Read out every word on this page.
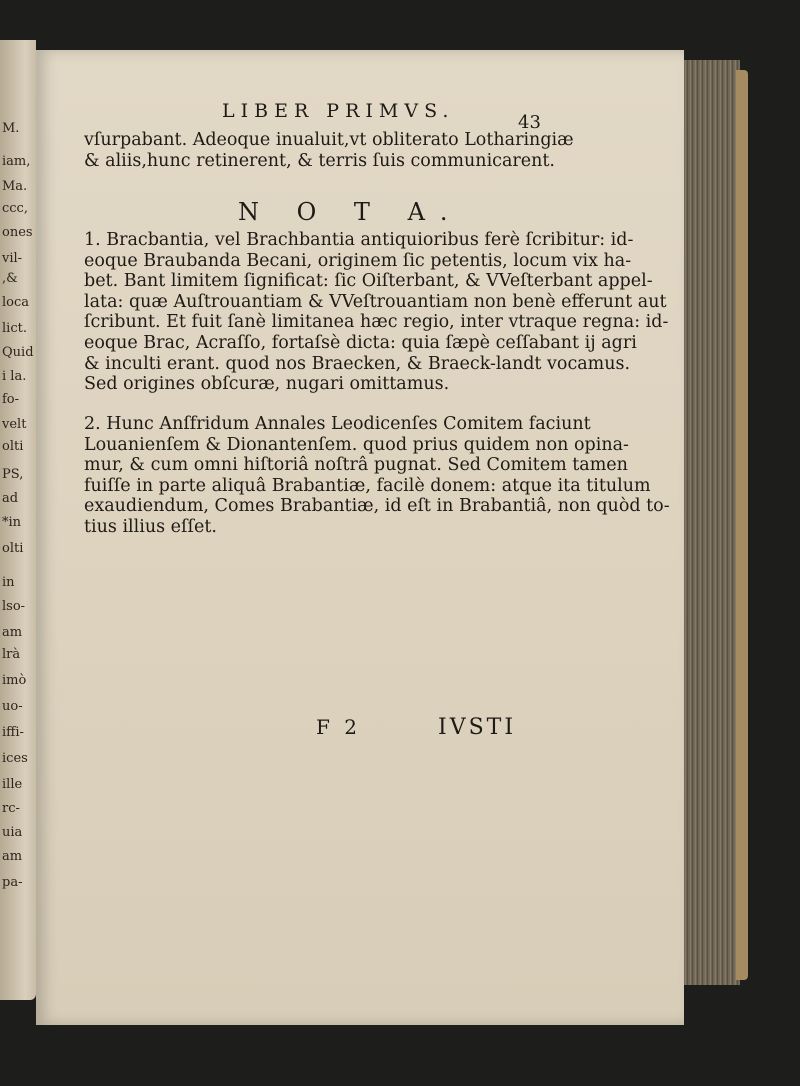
M.
iam,
Ma.
ccc,
ones
vil-
,&
loca
lict.
Quid
i la.
fo-
velt
olti
PS,
ad
*in
olti
in
lso-
am
lrà
imò
uo-
iffi-
ices
ille
rc-
uia
am
pa-
LIBER PRIMVS.
43
vſurpabant. Adeoque inualuit,vt obliterato Lotharingiæ
& aliis,hunc retinerent, & terris ſuis communicarent.
N O T A.
1. Bracbantia, vel Brachbantia antiquioribus ferè ſcribitur: id-
eoque Braubanda Becani, originem ſic petentis, locum vix ha-
bet. Bant limitem ſignificat: ſic Oiſterbant, & VVeſterbant appel-
lata: quæ Auſtrouantiam & VVeſtrouantiam non benè efferunt aut
ſcribunt. Et fuit ſanè limitanea hæc regio, inter vtraque regna: id-
eoque Brac, Acraſſo, fortaſsè dicta: quia ſæpè ceſſabant ij agri
& inculti erant. quod nos Braecken, & Braeck-landt vocamus.
Sed origines obſcuræ, nugari omittamus.
2. Hunc Anſfridum Annales Leodicenſes Comitem faciunt
Louanienſem & Dionantenſem. quod prius quidem non opina-
mur, & cum omni hiſtoriâ noſtrâ pugnat. Sed Comitem tamen
fuiſſe in parte aliquâ Brabantiæ, facilè donem: atque ita titulum
exaudiendum, Comes Brabantiæ, id eſt in Brabantiâ, non quòd to-
tius illius eſſet.
F 2	IVSTI
